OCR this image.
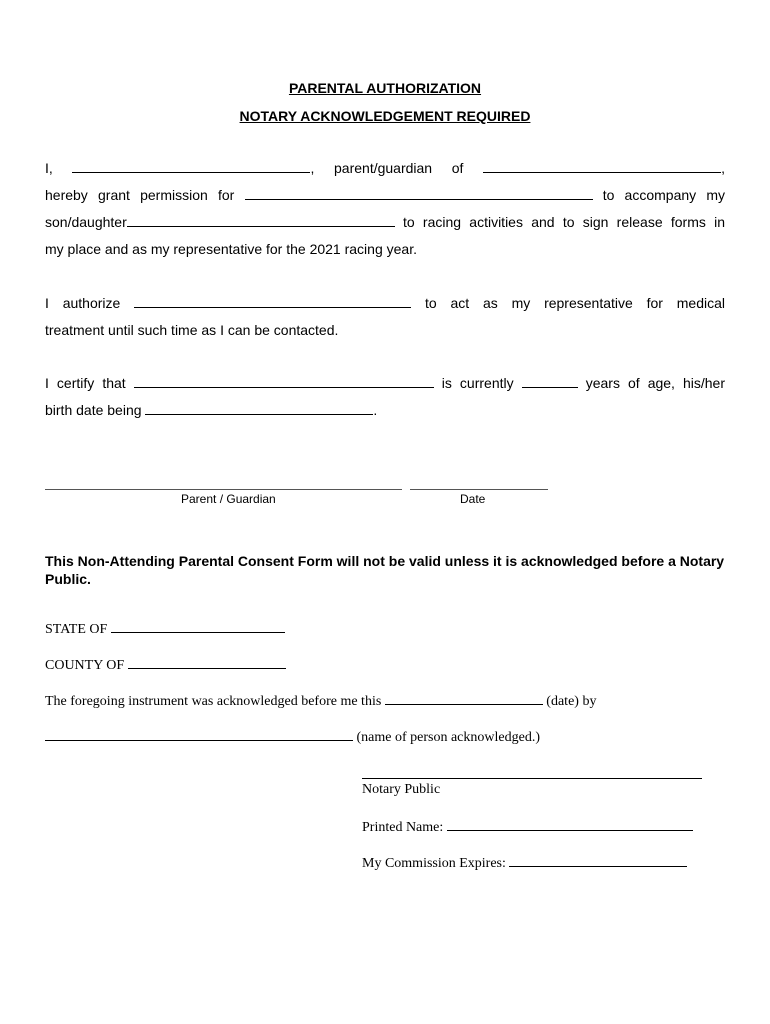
PARENTAL AUTHORIZATION
NOTARY ACKNOWLEDGEMENT REQUIRED
I,	, parent/guardian of	,
hereby grant permission for	to accompany my
son/daughter	to racing activities and to sign release forms in
my place and as my representative for the 2021 racing year.
I authorize	to act as my representative for medical
treatment until such time as I can be contacted.
I certify that	is currently	years of age, his/her
birth date being	.
Parent / Guardian	Date
This Non-Attending Parental Consent Form will not be valid unless it is acknowledged before a Notary Public.
STATE OF
COUNTY OF
The foregoing instrument was acknowledged before me this	(date) by
(name of person acknowledged.)
Notary Public
Printed Name:
My Commission Expires:
